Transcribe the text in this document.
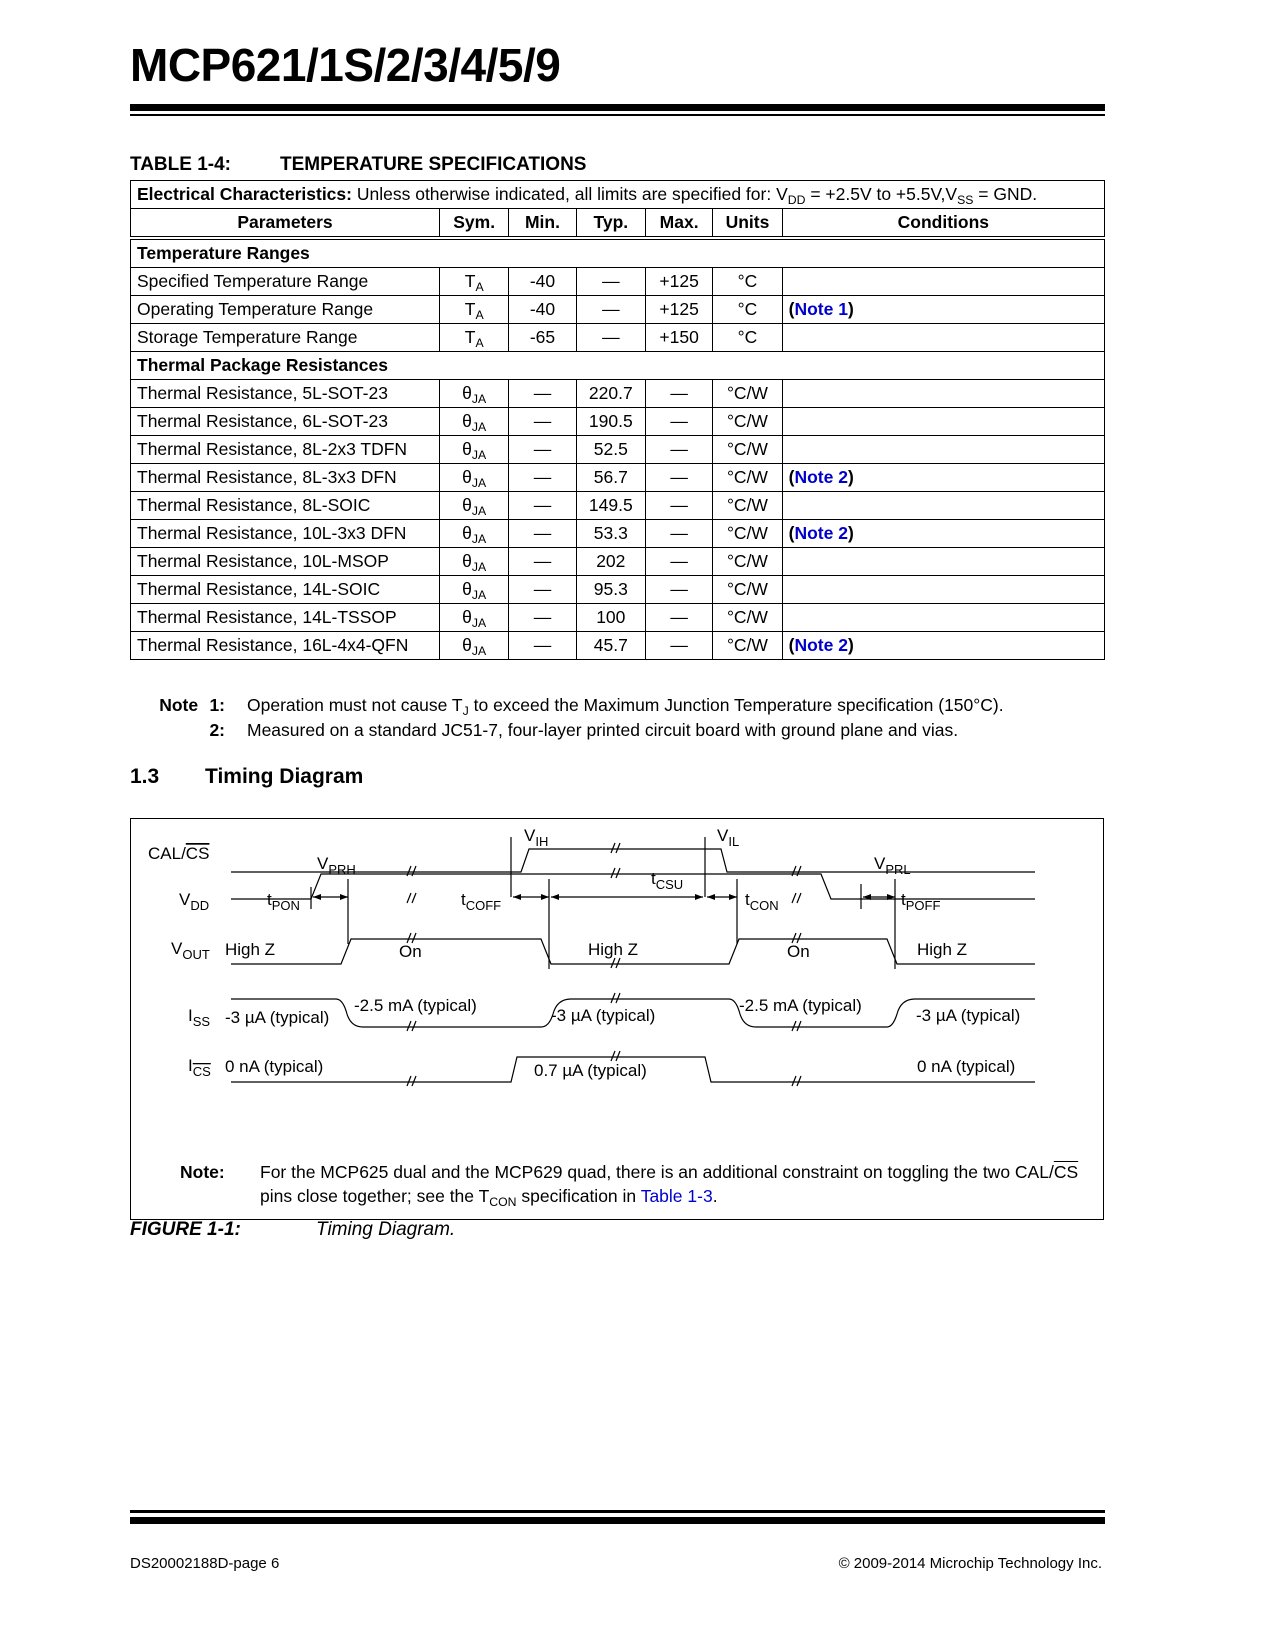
MCP621/1S/2/3/4/5/9
TABLE 1-4:	TEMPERATURE SPECIFICATIONS
Electrical Characteristics: Unless otherwise indicated, all limits are specified for: $V_{DD} = +2.5V$ to $+5.5V,V_{SS}$ = GND.						
Parameters	Sym.	Min.	Typ.	Max.	Units	Conditions
Temperature Ranges						
Specified Temperature Range	$T_A$	-40	—	+125	°C	
Operating Temperature Range	$T_A$	-40	—	+125	°C	(Note 1)
Storage Temperature Range	$T_A$	-65	—	+150	°C	
Thermal Package Resistances						
Thermal Resistance, 5L-SOT-23	$\theta_{JA}$	—	220.7	—	°C/W	
Thermal Resistance, 6L-SOT-23	$\theta_{JA}$	—	190.5	—	°C/W	
Thermal Resistance, 8L-2x3 TDFN	$\theta_{JA}$	—	52.5	—	°C/W	
Thermal Resistance, 8L-3x3 DFN	$\theta_{JA}$	—	56.7	—	°C/W	(Note 2)
Thermal Resistance, 8L-SOIC	$\theta_{JA}$	—	149.5	—	°C/W	
Thermal Resistance, 10L-3x3 DFN	$\theta_{JA}$	—	53.3	—	°C/W	(Note 2)
Thermal Resistance, 10L-MSOP	$\theta_{JA}$	—	202	—	°C/W	
Thermal Resistance, 14L-SOIC	$\theta_{JA}$	—	95.3	—	°C/W	
Thermal Resistance, 14L-TSSOP	$\theta_{JA}$	—	100	—	°C/W	
Thermal Resistance, 16L-4x4-QFN	$\theta_{JA}$	—	45.7	—	°C/W	(Note 2)
Note 1:	Operation must not cause $T_J$ to exceed the Maximum Junction Temperature specification (150°C).
2:	Measured on a standard JC51-7, four-layer printed circuit board with ground plane and vias.
1.3 Timing Diagram
CAL/CS
$V_{DD}$
$V_{OUT}$
$I_{SS}$
$I_{CS}$
$V_{IH}$	$V_{IL}$
$V_{PRH}$	$V_{PRL}$
$t_{PON}$	$t_{COFF}$
$t_{CSU}$
$t_{CON}$	$t_{POFF}$
High Z	On	High Z	On	High Z
-3 µA (typical)
-2.5 mA (typical)
-3 µA (typical)
-2.5 mA (typical)
-3 µA (typical)
0 nA (typical)	0.7 µA (typical)	0 nA (typical)
Note: For the MCP625 dual and the MCP629 quad, there is an additional constraint on toggling the two CAL/$\overline{CS}$ pins close together; see the $T_{CON}$ specification in Table 1-3.
FIGURE 1-1:	Timing Diagram.
DS20002188D-page 6	© 2009-2014 Microchip Technology Inc.
